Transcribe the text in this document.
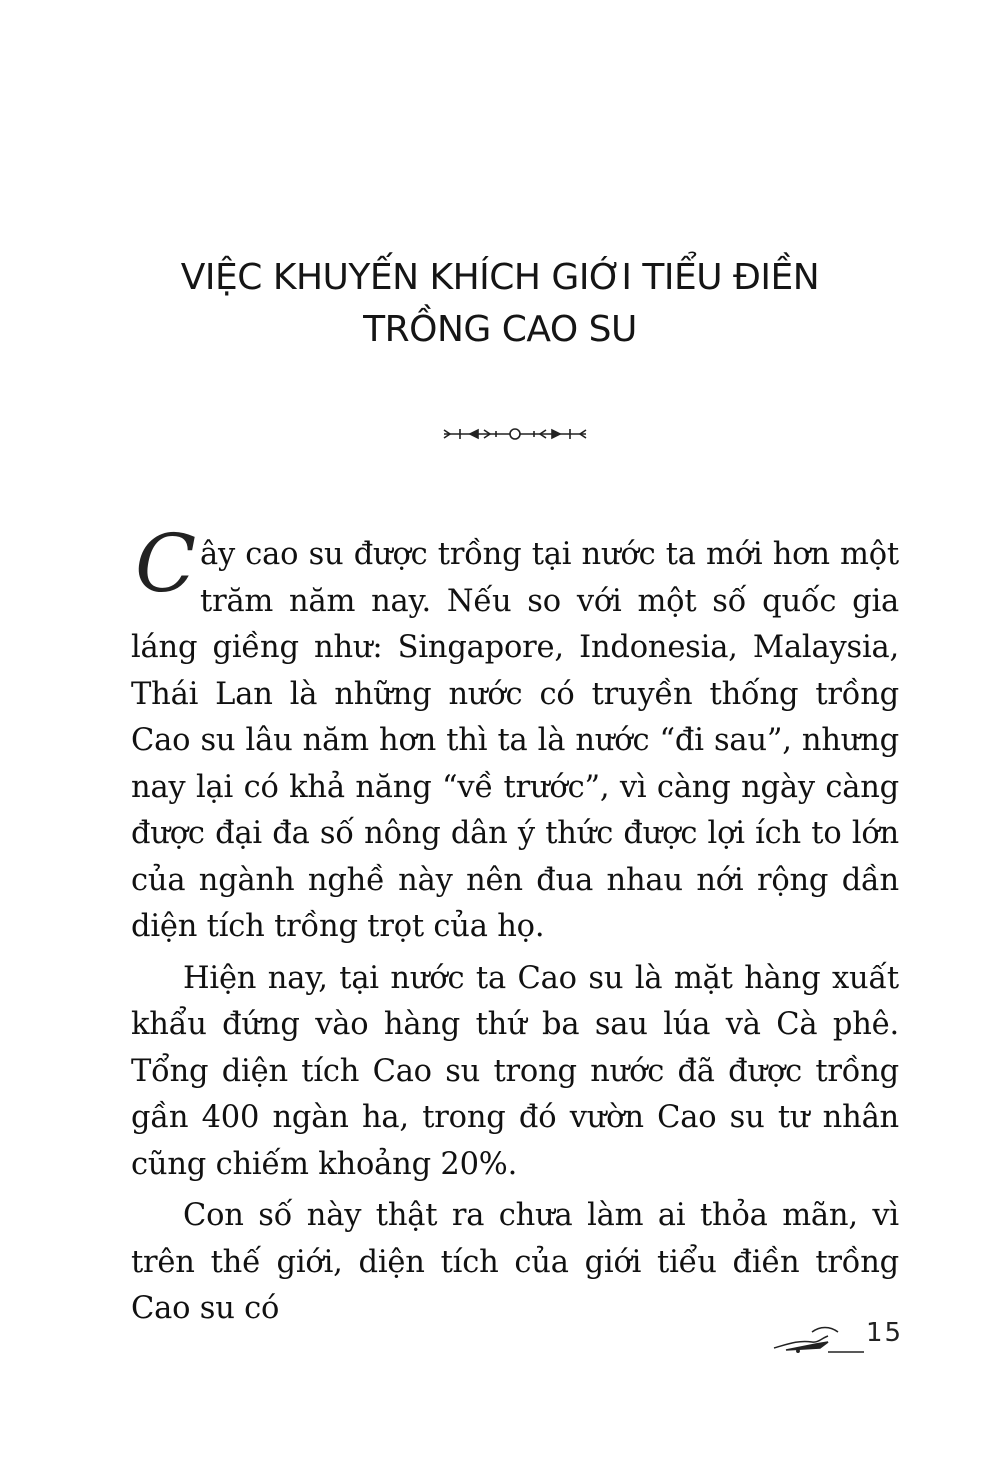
VIỆC KHUYẾN KHÍCH GIỚI TIỂU ĐIỀN
TRỒNG CAO SU

Cây cao su được trồng tại nước ta mới hơn một trăm năm nay. Nếu so với một số quốc gia láng giềng như: Singapore, Indonesia, Malaysia, Thái Lan là những nước có truyền thống trồng Cao su lâu năm hơn thì ta là nước “đi sau”, nhưng nay lại có khả năng “về trước”, vì càng ngày càng được đại đa số nông dân ý thức được lợi ích to lớn của ngành nghề này nên đua nhau nới rộng dần diện tích trồng trọt của họ.

Hiện nay, tại nước ta Cao su là mặt hàng xuất khẩu đứng vào hàng thứ ba sau lúa và Cà phê. Tổng diện tích Cao su trong nước đã được trồng gần 400 ngàn ha, trong đó vườn Cao su tư nhân cũng chiếm khoảng 20%.

Con số này thật ra chưa làm ai thỏa mãn, vì trên thế giới, diện tích của giới tiểu điền trồng Cao su có

15
